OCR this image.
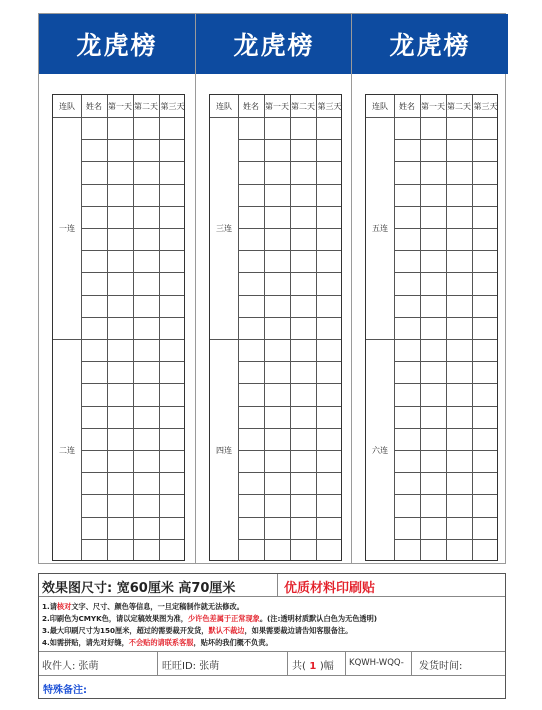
龙虎榜
连队	姓名 第一天 第二天 第三天
一连
二连
龙虎榜
连队	姓名 第一天 第二天 第三天
三连
四连
龙虎榜
连队	姓名 第一天 第二天 第三天
五连
六连
效果图尺寸: 宽60厘米 高70厘米	优质材料印刷贴
1.请核对文字、尺寸、颜色等信息，一旦定稿制作就无法修改。
2.印刷色为CMYK色，请以定稿效果图为准，少许色差属于正常现象。(注:透明材质默认白色为无色透明)
3.最大印刷尺寸为150厘米，超过的需要裁开发货，默认不裁边，如果需要裁边请告知客服备注。
4.如需拼贴，请先对好缝，不会贴的请联系客服，贴坏的我们概不负责。
收件人: 张萌	旺旺ID: 张萌	共( 1 )幅 KQWH-WQQ- 发货时间:
特殊备注:
